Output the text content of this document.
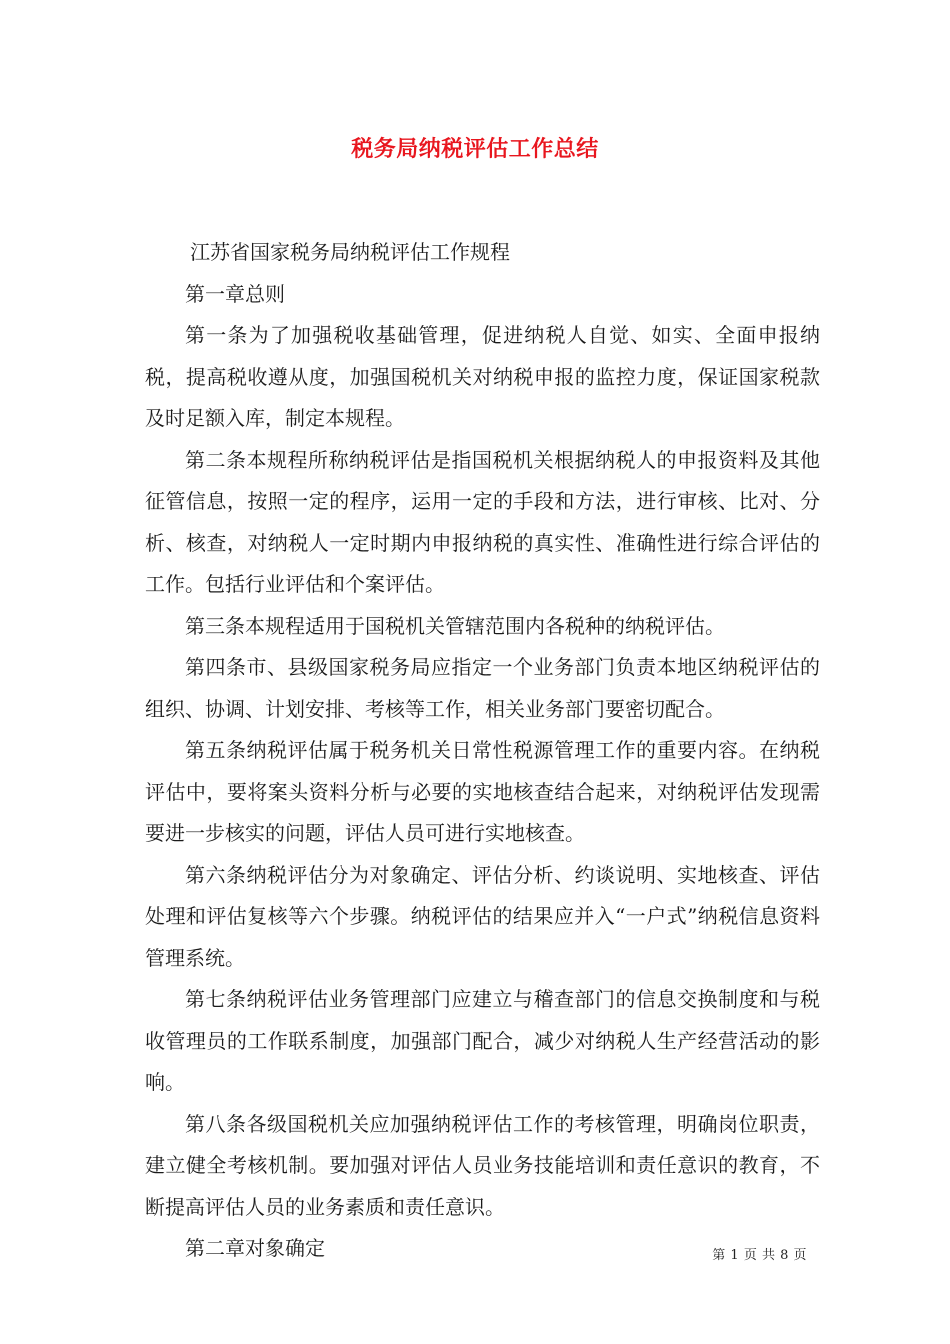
税务局纳税评估工作总结

江苏省国家税务局纳税评估工作规程

第一章总则

第一条为了加强税收基础管理，促进纳税人自觉、如实、全面申报纳税，提高税收遵从度，加强国税机关对纳税申报的监控力度，保证国家税款及时足额入库，制定本规程。

第二条本规程所称纳税评估是指国税机关根据纳税人的申报资料及其他征管信息，按照一定的程序，运用一定的手段和方法，进行审核、比对、分析、核查，对纳税人一定时期内申报纳税的真实性、准确性进行综合评估的工作。包括行业评估和个案评估。

第三条本规程适用于国税机关管辖范围内各税种的纳税评估。

第四条市、县级国家税务局应指定一个业务部门负责本地区纳税评估的组织、协调、计划安排、考核等工作，相关业务部门要密切配合。

第五条纳税评估属于税务机关日常性税源管理工作的重要内容。在纳税评估中，要将案头资料分析与必要的实地核查结合起来，对纳税评估发现需要进一步核实的问题，评估人员可进行实地核查。

第六条纳税评估分为对象确定、评估分析、约谈说明、实地核查、评估处理和评估复核等六个步骤。纳税评估的结果应并入“一户式”纳税信息资料管理系统。

第七条纳税评估业务管理部门应建立与稽查部门的信息交换制度和与税收管理员的工作联系制度，加强部门配合，减少对纳税人生产经营活动的影响。

第八条各级国税机关应加强纳税评估工作的考核管理，明确岗位职责，建立健全考核机制。要加强对评估人员业务技能培训和责任意识的教育，不断提高评估人员的业务素质和责任意识。

第二章对象确定	第 1 页 共 8 页
